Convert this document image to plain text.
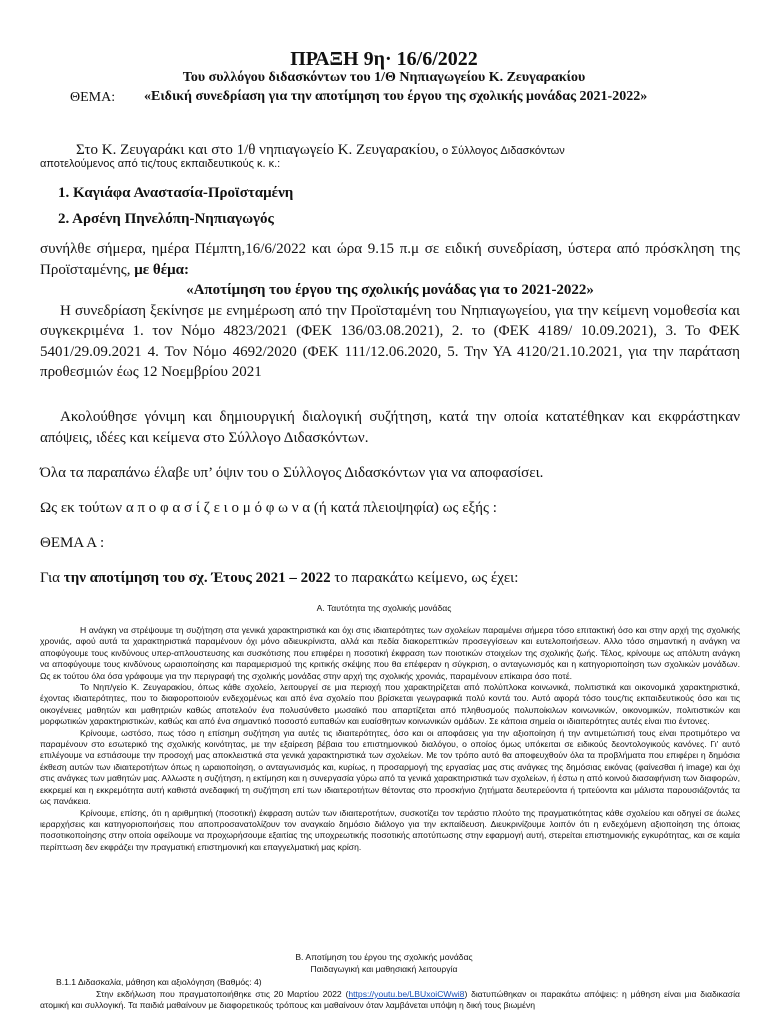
ΠΡΑΞΗ 9η· 16/6/2022
Του συλλόγου διδασκόντων του 1/Θ Νηπιαγωγείου Κ. Ζευγαρακίου
ΘΕΜΑ: «Ειδική συνεδρίαση για την αποτίμηση του έργου της σχολικής μονάδας 2021-2022»
Στο Κ. Ζευγαράκι και στο 1/θ νηπιαγωγείο Κ. Ζευγαρακίου, ο Σύλλογος Διδασκόντων
αποτελούμενος από τις/τους εκπαιδευτικούς κ. κ.:
1. Καγιάφα Αναστασία-Προϊσταμένη
2. Αρσένη Πηνελόπη-Νηπιαγωγός
συνήλθε σήμερα, ημέρα Πέμπτη,16/6/2022 και ώρα 9.15 π.μ σε ειδική συνεδρίαση, ύστερα από πρόσκληση της Προϊσταμένης, με θέμα:
«Αποτίμηση του έργου της σχολικής μονάδας για το 2021-2022»
Η συνεδρίαση ξεκίνησε με ενημέρωση από την Προϊσταμένη του Νηπιαγωγείου, για την κείμενη νομοθεσία και συγκεκριμένα 1. τον Νόμο 4823/2021 (ΦΕΚ 136/03.08.2021), 2. το (ΦΕΚ 4189/ 10.09.2021), 3. Το ΦΕΚ 5401/29.09.2021 4. Τον Νόμο 4692/2020 (ΦΕΚ 111/12.06.2020, 5. Την ΥΑ 4120/21.10.2021, για την παράταση προθεσμιών έως 12 Νοεμβρίου 2021
Ακολούθησε γόνιμη και δημιουργική διαλογική συζήτηση, κατά την οποία κατατέθηκαν και εκφράστηκαν απόψεις, ιδέες και κείμενα στο Σύλλογο Διδασκόντων.
Όλα τα παραπάνω έλαβε υπ’ όψιν του ο Σύλλογος Διδασκόντων για να αποφασίσει.
Ως εκ τούτων α π ο φ α σ ί ζ ε ι ο μ ό φ ω ν α (ή κατά πλειοψηφία) ως εξής :
ΘΕΜΑ Α :
Για την αποτίμηση του σχ. Έτους 2021 – 2022 το παρακάτω κείμενο, ως έχει:
Α. Ταυτότητα της σχολικής μονάδας

Η ανάγκη να στρέψουμε τη συζήτηση στα γενικά χαρακτηριστικά και όχι στις ιδιαιτερότητες των σχολείων παραμένει σήμερα τόσο επιτακτική όσο και στην αρχή της σχολικής χρονιάς, αφού αυτά τα χαρακτηριστικά παραμένουν όχι μόνο αδιευκρίνιστα, αλλά και πεδία διακορεπτικών προσεγγίσεων και ευτελοποιήσεων. Αλλο τόσο σημαντική η ανάγκη να αποφύγουμε τους κινδύνους υπερ-απλουστευσης και συσκότισης που επιφέρει η ποσοτική έκφραση των ποιοτικών στοιχείων της σχολικής ζωής. Τέλος, κρίνουμε ως απόλυτη ανάγκη να αποφύγουμε τους κινδύνους ωραιοποίησης και παραμερισμού της κριτικής σκέψης που θα επέφεραν η σύγκριση, ο ανταγωνισμός και η κατηγοριοποίηση των σχολικών μονάδων. Ως εκ τούτου όλα όσα γράφουμε για την περιγραφή της σχολικής μονάδας στην αρχή της σχολικής χρονιάς, παραμένουν επίκαιρα όσο ποτέ.

Το Νηπ/γείο Κ. Ζευγαρακίου, όπως κάθε σχολείο, λειτουργεί σε μια περιοχή που χαρακτηρίζεται από πολύπλοκα κοινωνικά, πολιτιστικά και οικονομικά χαρακτηριστικά, έχοντας ιδιαιτερότητες, που το διαφοροποιούν ενδεχομένως και από ένα σχολείο που βρίσκεται γεωγραφικά πολύ κοντά του. Αυτό αφορά τόσο τους/τις εκπαιδευτικούς όσο και τις οικογένειες μαθητών και μαθητριών καθώς αποτελούν ένα πολυσύνθετο μωσαϊκό που απαρτίζεται από πληθυσμούς πολυποίκιλων κοινωνικών, οικονομικών, πολιτιστικών και μορφωτικών χαρακτηριστικών, καθώς και από ένα σημαντικό ποσοστό ευπαθών και ευαίσθητων κοινωνικών ομάδων. Σε κάποια σημεία οι ιδιαιτερότητες αυτές είναι πιο έντονες.

Κρίνουμε, ωστόσο, πως τόσο η επίσημη συζήτηση για αυτές τις ιδιαιτερότητες, όσο και οι αποφάσεις για την αξιοποίηση ή την αντιμετώπισή τους είναι προτιμότερο να παραμένουν στο εσωτερικό της σχολικής κοινότητας, με την εξαίρεση βέβαια του επιστημονικού διαλόγου, ο οποίος όμως υπόκειται σε ειδικούς δεοντολογικούς κανόνες. Γι' αυτό επιλέγουμε να εστιάσουμε την προσοχή μας αποκλειστικά στα γενικά χαρακτηριστικά των σχολείων. Με τον τρόπο αυτό θα αποφευχθούν όλα τα προβλήματα που επιφέρει η δημόσια έκθεση αυτών των ιδιαιτεροτήτων όπως η ωραιοποίηση, ο ανταγωνισμός και, κυρίως, η προσαρμογή της εργασίας μας στις ανάγκες της δημόσιας εικόνας (φαίνεσθαι ή image) και όχι στις ανάγκες των μαθητών μας. Αλλωστε η συζήτηση, η εκτίμηση και η συνεργασία γύρω από τα γενικά χαρακτηριστικά των σχολείων, ή έστω η από κοινού διασαφήνιση των διαφορών, εκκρεμεί και η εκκρεμότητα αυτή καθιστά ανεδαφική τη συζήτηση επί των ιδιαιτεροτήτων θέτοντας στο προσκήνιο ζητήματα δευτερεύοντα ή τριτεύοντα και μάλιστα παρουσιάζοντάς τα ως πανάκεια.

Κρίνουμε, επίσης, ότι η αριθμητική (ποσοτική) έκφραση αυτών των ιδιαιτεροτήτων, συσκοτίζει τον τεράστιο πλούτο της πραγματικότητας κάθε σχολείου και οδηγεί σε άωλες ιεραρχήσεις και κατηγοριοποιήσεις που αποπροσανατολίζουν τον αναγκαίο δημόσιο διάλογο για την εκπαίδευση. Διευκρινίζουμε λοιπόν ότι η ενδεχόμενη αξιοποίηση της όποιας ποσοτικοποίησης στην οποία οφείλουμε να προχωρήσουμε εξαιτίας της υποχρεωτικής ποσοτικής αποτύπωσης στην εφαρμογή αυτή, στερείται επιστημονικής εγκυρότητας, και σε καμία περίπτωση δεν εκφράζει την πραγματική επιστημονική και επαγγελματική μας κρίση.

Β. Αποτίμηση του έργου της σχολικής μονάδας
Παιδαγωγική και μαθησιακή λειτουργία
Β.1.1 Διδασκαλία, μάθηση και αξιολόγηση (Βαθμός: 4)
Στην εκδήλωση που πραγματοποιήθηκε στις 20 Μαρτίου 2022 (https://youtu.be/LBUxoiCWwi8) διατυπώθηκαν οι παρακάτω απόψεις: η μάθηση είναι μια διαδικασία ατομική και συλλογική. Τα παιδιά μαθαίνουν με διαφορετικούς τρόπους και μαθαίνουν όταν λαμβάνεται υπόψη η δική τους βιωμένη
